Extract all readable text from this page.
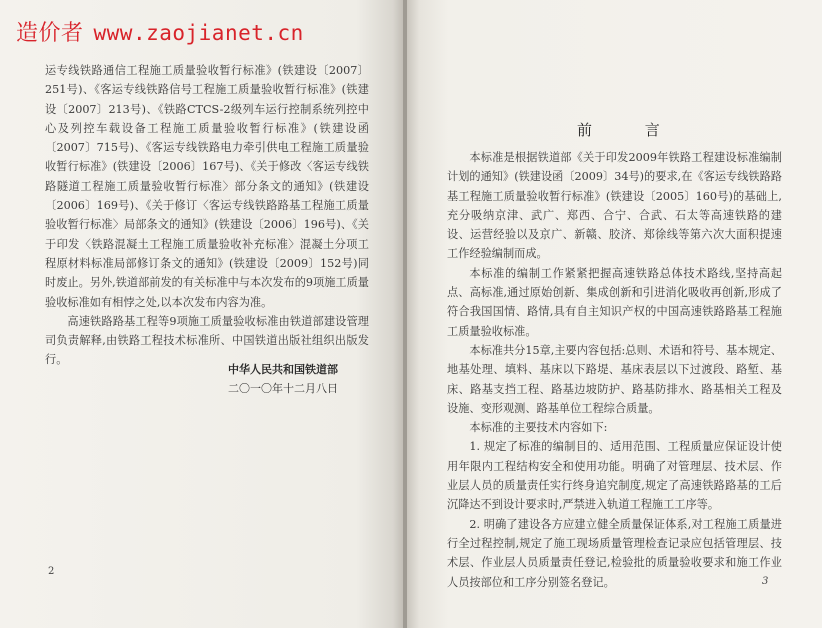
运专线铁路通信工程施工质量验收暂行标准》(铁建设〔2007〕251号)、《客运专线铁路信号工程施工质量验收暂行标准》(铁建设〔2007〕213号)、《铁路CTCS-2级列车运行控制系统列控中心及列控车载设备工程施工质量验收暂行标准》(铁建设函〔2007〕715号)、《客运专线铁路电力牵引供电工程施工质量验收暂行标准》(铁建设〔2006〕167号)、《关于修改〈客运专线铁路隧道工程施工质量验收暂行标准〉部分条文的通知》(铁建设〔2006〕169号)、《关于修订〈客运专线铁路路基工程施工质量验收暂行标准〉局部条文的通知》(铁建设〔2006〕196号)、《关于印发〈铁路混凝土工程施工质量验收补充标准〉混凝土分项工程原材料标准局部修订条文的通知》(铁建设〔2009〕152号)同时废止。另外,铁道部前发的有关标准中与本次发布的9项施工质量验收标准如有相悖之处,以本次发布内容为准。

高速铁路路基工程等9项施工质量验收标准由铁道部建设管理司负责解释,由铁路工程技术标准所、中国铁道出版社组织出版发行。

中华人民共和国铁道部
二〇一〇年十二月八日
2
前 言

本标准是根据铁道部《关于印发2009年铁路工程建设标准编制计划的通知》(铁建设函〔2009〕34号)的要求,在《客运专线铁路路基工程施工质量验收暂行标准》(铁建设〔2005〕160号)的基础上,充分吸纳京津、武广、郑西、合宁、合武、石太等高速铁路的建设、运营经验以及京广、新赣、胶济、郑徐线等第六次大面积提速工作经验编制而成。

本标准的编制工作紧紧把握高速铁路总体技术路线,坚持高起点、高标准,通过原始创新、集成创新和引进消化吸收再创新,形成了符合我国国情、路情,具有自主知识产权的中国高速铁路路基工程施工质量验收标准。

本标准共分15章,主要内容包括:总则、术语和符号、基本规定、地基处理、填料、基床以下路堤、基床表层以下过渡段、路堑、基床、路基支挡工程、路基边坡防护、路基防排水、路基相关工程及设施、变形观测、路基单位工程综合质量。

本标准的主要技术内容如下:

1. 规定了标准的编制目的、适用范围、工程质量应保证设计使用年限内工程结构安全和使用功能。明确了对管理层、技术层、作业层人员的质量责任实行终身追究制度,规定了高速铁路路基的工后沉降达不到设计要求时,严禁进入轨道工程施工工序等。

2. 明确了建设各方应建立健全质量保证体系,对工程施工质量进行全过程控制,规定了施工现场质量管理检查记录应包括管理层、技术层、作业层人员质量责任登记,检验批的质量验收要求和施工作业人员按部位和工序分别签名登记。	3
造价者 www.zaojianet.cn
